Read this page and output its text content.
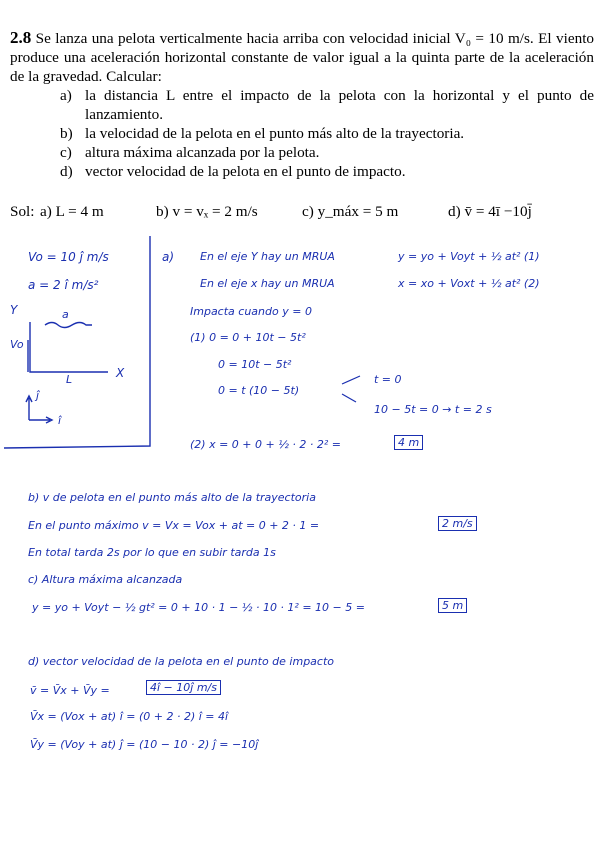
2.8 Se lanza una pelota verticalmente hacia arriba con velocidad inicial V₀ = 10 m/s. El viento produce una aceleración horizontal constante de valor igual a la quinta parte de la aceleración de la gravedad. Calcular:
a) la distancia L entre el impacto de la pelota con la horizontal y el punto de lanzamiento.
b) la velocidad de la pelota en el punto más alto de la trayectoria.
c) altura máxima alcanzada por la pelota.
d) vector velocidad de la pelota en el punto de impacto.
Sol: a) L = 4 m	b) v = vₓ = 2 m/s	c) y_máx = 5 m	d) v̄ = 4ī −10j̄
Vo = 10 ĵ m/s
a = 2 î m/s²
Y	a
Vo
L	X
ĵ
î
a) En el eje Y hay un MRUA	y = yo + Voyt + ½ at² (1)
En el eje x hay un MRUA	x = xo + Voxt + ½ at² (2)
Impacta cuando y = 0
(1) 0 = 0 + 10t − 5t²
0 = 10t − 5t²
0 = t (10 − 5t)
t = 0
10 − 5t = 0 → t = 2 s
(2) x = 0 + 0 + ½ · 2 · 2² =	4 m
b) v de pelota en el punto más alto de la trayectoria
En el punto máximo v = Vx = Vox + at = 0 + 2 · 1 =	2 m/s
En total tarda 2s por lo que en subir tarda 1s
c) Altura máxima alcanzada
y = yo + Voyt − ½ gt² = 0 + 10 · 1 − ½ · 10 · 1² = 10 − 5 =	5 m
d) vector velocidad de la pelota en el punto de impacto
v̄ = V̄x + V̄y =	4î − 10ĵ m/s
V̄x = (Vox + at) î = (0 + 2 · 2) î = 4î
V̄y = (Voy + at) ĵ = (10 − 10 · 2) ĵ = −10ĵ
